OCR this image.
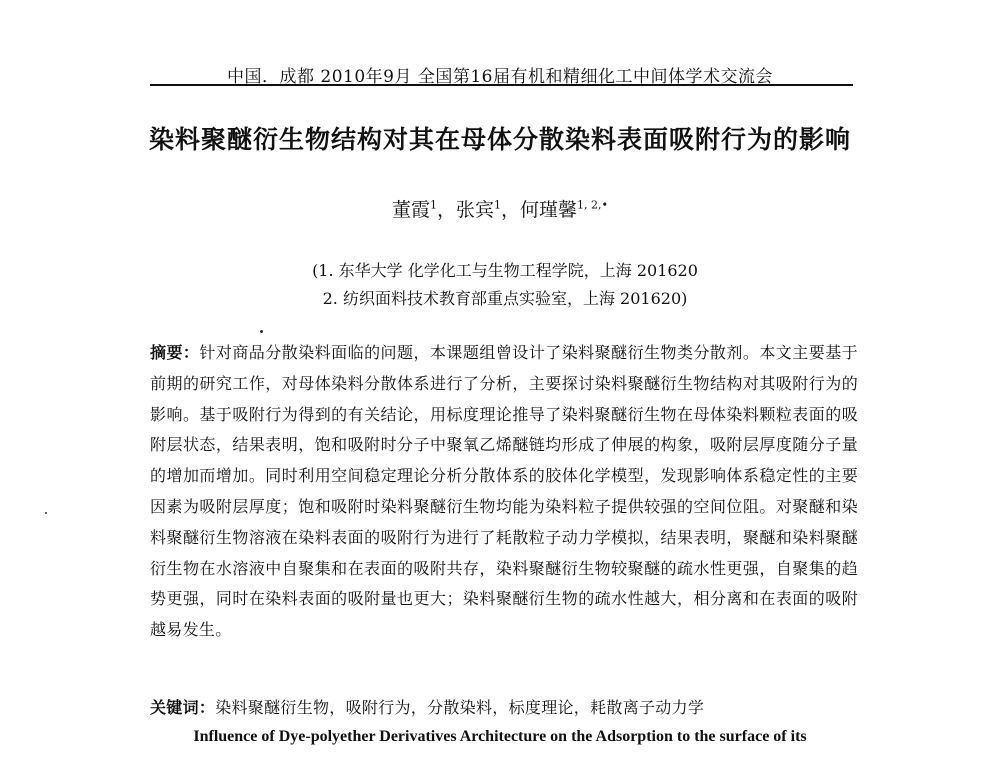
中国．成都 2010年9月 全国第16届有机和精细化工中间体学术交流会
染料聚醚衍生物结构对其在母体分散染料表面吸附行为的影响
董霞$^1$，张宾$^1$，何瑾馨$^{1, 2,•}$
(1. 东华大学 化学化工与生物工程学院，上海 201620
2. 纺织面料技术教育部重点实验室，上海 201620)

摘要：针对商品分散染料面临的问题，本课题组曾设计了染料聚醚衍生物类分散剂。本文主要基于前期的研究工作，对母体染料分散体系进行了分析，主要探讨染料聚醚衍生物结构对其吸附行为的影响。基于吸附行为得到的有关结论，用标度理论推导了染料聚醚衍生物在母体染料颗粒表面的吸附层状态，结果表明，饱和吸附时分子中聚氧乙烯醚链均形成了伸展的构象，吸附层厚度随分子量的增加而增加。同时利用空间稳定理论分析分散体系的胶体化学模型，发现影响体系稳定性的主要因素为吸附层厚度；饱和吸附时染料聚醚衍生物均能为染料粒子提供较强的空间位阻。对聚醚和染料聚醚衍生物溶液在染料表面的吸附行为进行了耗散粒子动力学模拟，结果表明，聚醚和染料聚醚衍生物在水溶液中自聚集和在表面的吸附共存，染料聚醚衍生物较聚醚的疏水性更强，自聚集的趋势更强，同时在染料表面的吸附量也更大；染料聚醚衍生物的疏水性越大，相分离和在表面的吸附越易发生。

关键词：染料聚醚衍生物，吸附行为，分散染料，标度理论，耗散离子动力学

Influence of Dye-polyether Derivatives Architecture on the Adsorption to the surface of its
